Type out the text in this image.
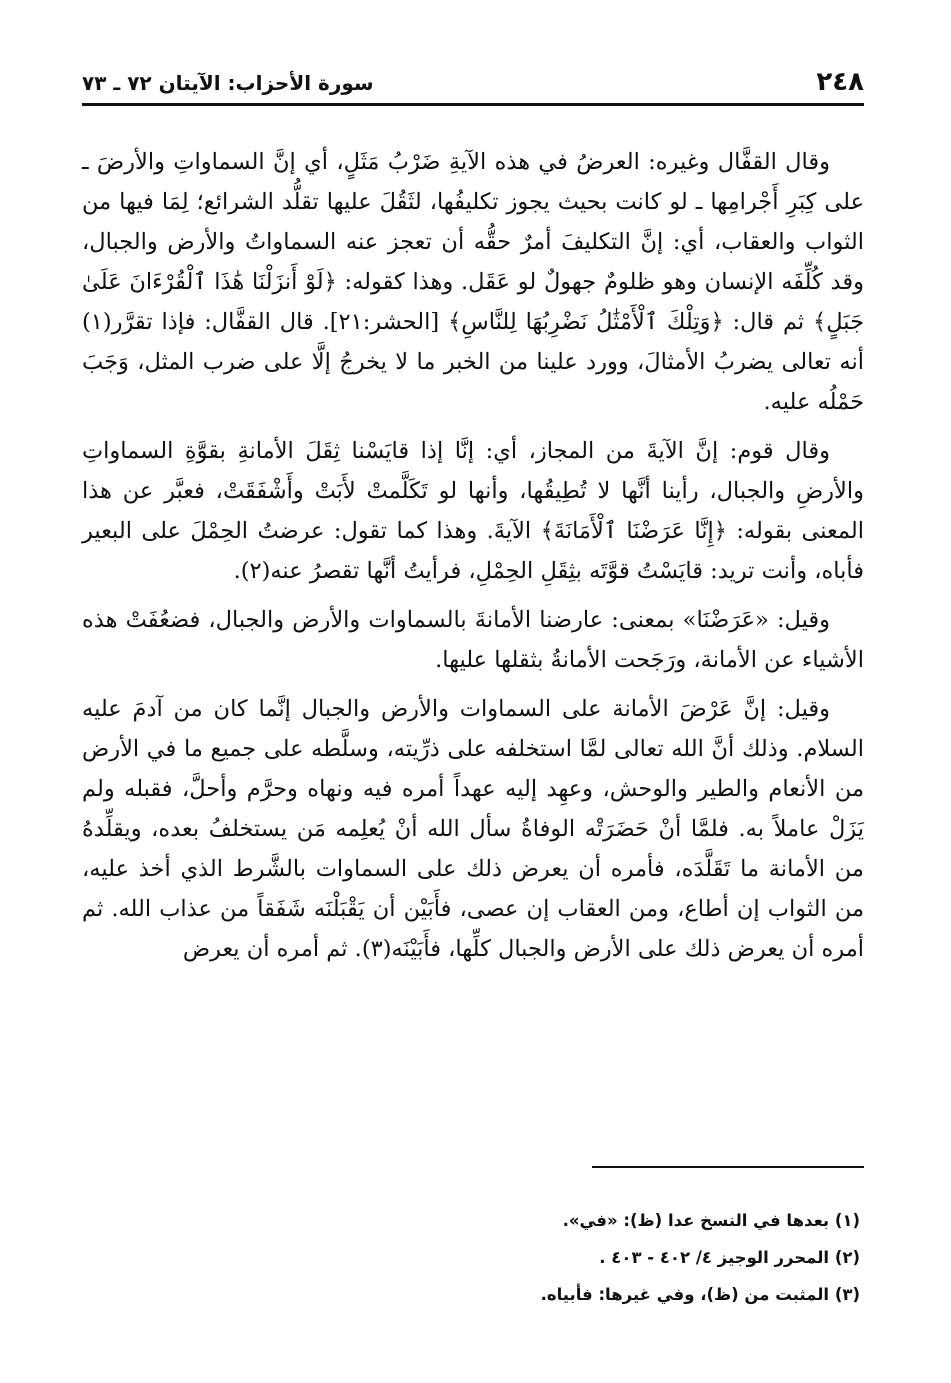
٢٤٨
سورة الأحزاب: الآيتان ٧٢ ـ ٧٣

وقال القفَّال وغيره: العرضُ في هذه الآيةِ ضَرْبُ مَثَلٍ، أي إنَّ السماواتِ والأرضَ ـ على كِبَرِ أَجْرامِها ـ لو كانت بحيث يجوز تكليفُها، لثَقُلَ عليها تقلُّد الشرائع؛ لِمَا فيها من الثواب والعقاب، أي: إنَّ التكليفَ أمرٌ حقُّه أن تعجز عنه السماواتُ والأرض والجبال، وقد كُلِّفَه الإنسان وهو ظلومٌ جهولٌ لو عَقَل. وهذا كقوله: ﴿لَوْ أَنزَلْنَا هَٰذَا ٱلْقُرْءَانَ عَلَىٰ جَبَلٍ﴾ ثم قال: ﴿وَتِلْكَ ٱلْأَمْثَٰلُ نَضْرِبُهَا لِلنَّاسِ﴾ [الحشر:٢١]. قال القفَّال: فإذا تقرَّر(١) أنه تعالى يضربُ الأمثالَ، وورد علينا من الخبر ما لا يخرجُ إلَّا على ضرب المثل، وَجَبَ حَمْلُه عليه.

وقال قوم: إنَّ الآيةَ من المجاز، أي: إنَّا إذا قايَسْنا ثِقَلَ الأمانةِ بقوَّةِ السماواتِ والأرضِ والجبال، رأينا أنَّها لا تُطِيقُها، وأنها لو تَكَلَّمتْ لأَبَتْ وأَشْفَقَتْ، فعبَّر عن هذا المعنى بقوله: ﴿إِنَّا عَرَضْنَا ٱلْأَمَانَةَ﴾ الآيةَ. وهذا كما تقول: عرضتُ الحِمْلَ على البعير فأباه، وأنت تريد: قايَسْتُ قوَّتَه بثِقَلِ الحِمْلِ، فرأيتُ أنَّها تقصرُ عنه(٢).

وقيل: «عَرَضْنَا» بمعنى: عارضنا الأمانةَ بالسماوات والأرض والجبال، فضعُفَتْ هذه الأشياء عن الأمانة، ورَجَحت الأمانةُ بثقلها عليها.

وقيل: إنَّ عَرْضَ الأمانة على السماوات والأرض والجبال إنَّما كان من آدمَ عليه السلام. وذلك أنَّ الله تعالى لمَّا استخلفه على ذرِّيته، وسلَّطه على جميع ما في الأرض من الأنعام والطير والوحش، وعهِد إليه عهداً أمره فيه ونهاه وحرَّم وأحلَّ، فقبله ولم يَزَلْ عاملاً به. فلمَّا أنْ حَضَرَتْه الوفاةُ سأل الله أنْ يُعلِمه مَن يستخلفُ بعده، ويقلِّدهُ من الأمانة ما تَقَلَّدَه، فأمره أن يعرض ذلك على السماوات بالشَّرط الذي أخذ عليه، من الثواب إن أطاع، ومن العقاب إن عصى، فأَبَيْن أن يَقْبَلْنَه شَفَقاً من عذاب الله. ثم أمره أن يعرض ذلك على الأرض والجبال كلِّها، فأَبَيْنَه(٣). ثم أمره أن يعرض

(١) بعدها في النسخ عدا (ظ): «في».
(٢) المحرر الوجيز ٤/ ٤٠٢ - ٤٠٣ .
(٣) المثبت من (ظ)، وفي غيرها: فأبياه.
